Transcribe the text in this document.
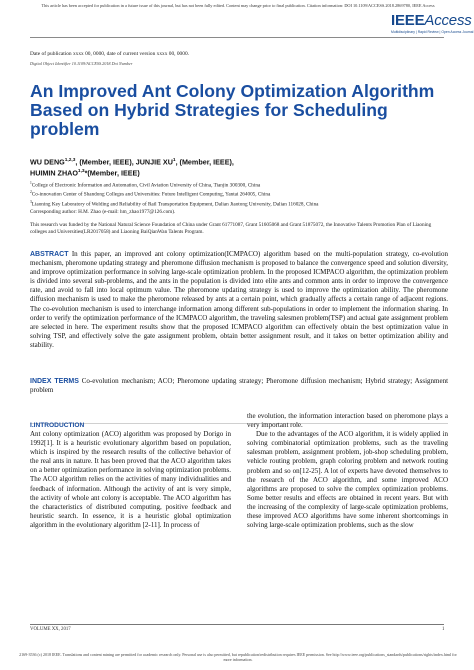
This article has been accepted for publication in a future issue of this journal, but has not been fully edited. Content may change prior to final publication. Citation information: DOI 10.1109/ACCESS.2018.2869780, IEEE Access
IEEEAccess
Multidisciplinary | Rapid Review | Open Access Journal
Date of publication xxxx 00, 0000, date of current version xxxx 00, 0000.
Digital Object Identifier 10.1109/ACCESS.2018.Doi Number
An Improved Ant Colony Optimization Algorithm Based on Hybrid Strategies for Scheduling problem
WU DENG$^{1,2,3}$, (Member, IEEE), JUNJIE $XU^1$, (Member, IEEE),
HUIMIN ZHAO$^{1,3}$*(Member, IEEE)
$^1$College of Electronic Information and Automation, Civil Aviation University of China, Tianjin 300300, China
$^2$Co-innovation Center of Shandong Colleges and Universities: Future Intelligent Computing, Yantai 264005, China
$^3$Liaoning Key Laboratory of Welding and Reliability of Rail Transportation Equipment, Dalian Jiaotong University, Dalian 116028, China
Corresponding author: H.M. Zhao (e-mail: hm_zhao1977@126.com).
This research was funded by the National Natural Science Foundation of China under Grant 61771087, Grant 51605068 and Grant 51875072, the Innovative Talents Promotion Plan of Liaoning colleges and Universities(LR2017058) and Liaoning BaiQianWan Talents Program.
ABSTRACT In this paper, an improved ant colony optimization(ICMPACO) algorithm based on the multi-population strategy, co-evolution mechanism, pheromone updating strategy and pheromone diffusion mechanism is proposed to balance the convergence speed and solution diversity, and improve optimization performance in solving large-scale optimization problem. In the proposed ICMPACO algorithm, the optimization problem is divided into several sub-problems, and the ants in the population is divided into elite ants and common ants in order to improve the convergence rate, and avoid to fall into local optimum value. The pheromone updating strategy is used to improve the optimization ability. The pheromone diffusion mechanism is used to make the pheromone released by ants at a certain point, which gradually affects a certain range of adjacent regions. The co-evolution mechanism is used to interchange information among different sub-populations in order to implement the information sharing. In order to verify the optimization performance of the ICMPACO algorithm, the traveling salesmen problem(TSP) and actual gate assignment problem are selected in here. The experiment results show that the proposed ICMPACO algorithm can effectively obtain the best optimization value in solving TSP, and effectively solve the gate assignment problem, obtain better assignment result, and it takes on better optimization ability and stability.
INDEX TERMS Co-evolution mechanism; ACO; Pheromone updating strategy; Pheromone diffusion mechanism; Hybrid strategy; Assignment problem
I.INTRODUCTION

Ant colony optimization (ACO) algorithm was proposed by Dorigo in 1992[1]. It is a heuristic evolutionary algorithm based on population, which is inspired by the research results of the collective behavior of the real ants in nature. It has been proved that the ACO algorithm takes on a better optimization performance in solving optimization problems. The ACO algorithm relies on the activities of many individualities and feedback of information. Although the activity of ant is very simple, the activity of whole ant colony is acceptable. The ACO algorithm has the characteristics of distributed computing, positive feedback and heuristic search. In essence, it is a heuristic global optimization algorithm in the evolutionary algorithm [2-11]. In process of

the evolution, the information interaction based on pheromone plays a very important role.

Due to the advantages of the ACO algorithm, it is widely applied in solving combinatorial optimization problems, such as the traveling salesman problem, assignment problem, job-shop scheduling problem, vehicle routing problem, graph coloring problem and network routing problem and so on[12-25]. A lot of experts have devoted themselves to the research of the ACO algorithm, and some improved ACO algorithms are proposed to solve the complex optimization problems. Some better results and effects are obtained in recent years. But with the increasing of the complexity of large-scale optimization problems, these improved ACO algorithms have some inherent shortcomings in solving large-scale optimization problems, such as the slow

VOLUME XX, 2017	1
2169-3536 (c) 2018 IEEE. Translations and content mining are permitted for academic research only. Personal use is also permitted, but republication/redistribution requires IEEE permission. See http://www.ieee.org/publications_standards/publications/rights/index.html for more information.
